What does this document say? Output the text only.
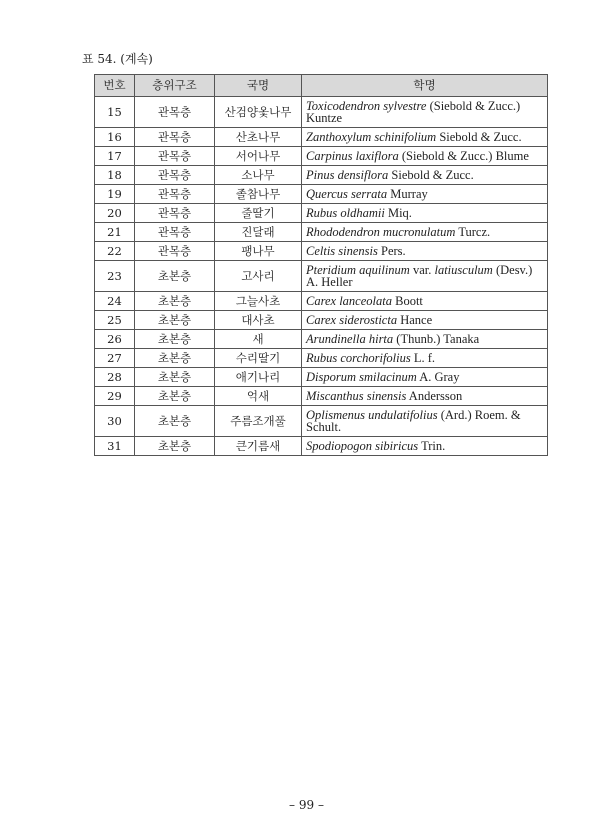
표 54. (계속)
번호	층위구조	국명	학명
15	관목층	산검양옻나무	Toxicodendron sylvestre (Siebold & Zucc.) Kuntze
16	관목층	산초나무	Zanthoxylum schinifolium Siebold & Zucc.
17	관목층	서어나무	Carpinus laxiflora (Siebold & Zucc.) Blume
18	관목층	소나무	Pinus densiflora Siebold & Zucc.
19	관목층	졸참나무	Quercus serrata Murray
20	관목층	줄딸기	Rubus oldhamii Miq.
21	관목층	진달래	Rhododendron mucronulatum Turcz.
22	관목층	팽나무	Celtis sinensis Pers.
23	초본층	고사리	Pteridium aquilinum var. latiusculum (Desv.) A. Heller
24	초본층	그늘사초	Carex lanceolata Boott
25	초본층	대사초	Carex siderosticta Hance
26	초본층	새	Arundinella hirta (Thunb.) Tanaka
27	초본층	수리딸기	Rubus corchorifolius L. f.
28	초본층	애기나리	Disporum smilacinum A. Gray
29	초본층	억새	Miscanthus sinensis Andersson
30	초본층	주름조개풀	Oplismenus undulatifolius (Ard.) Roem. & Schult.
31	초본층	큰기름새	Spodiopogon sibiricus Trin.
– 99 –
